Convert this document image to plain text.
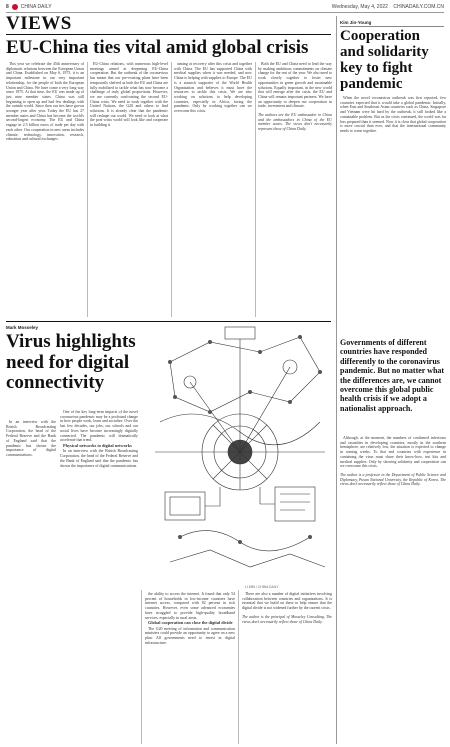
8 CHINA DAILY	Wednesday, May 4, 2022 CHINADAILY.COM.CN
VIEWS
EU-China ties vital amid global crisis

This year we celebrate the 45th anniversary of diplomatic relations between the European Union and China. Established on May 6, 1975, it is an important milestone in our very important relationship, for the people of both the European Union and China. We have come a very long way since 1975. At that time, the EU was made up of just nine member states. China was still beginning to open up and had few dealings with the outside world. Since then our ties have grown stronger year after year. Today the EU has 27 member states and China has become the world's second-largest economy. The EU and China engage in 2.5 billion euros of trade per day with each other. Our cooperation in new areas includes climate, technology, innovation, research, education and cultural exchanges.

EU-China relations, with numerous high-level meetings aimed at deepening EU-China cooperation. But the outbreak of the coronavirus has meant that our pre-existing plans have been temporarily shelved as both the EU and China are fully mobilised to tackle what has now become a challenge of truly global proportions. However, we are currently confronting the second EU-China crisis. We need to work together with the United Nations, the G20 and others to find solutions. It is already clear that the pandemic will reshape our world. We need to look at what the post-crisis world will look like and cooperate in building it.

aiming at recovery after this crisis and together with China. The EU has supported China with medical supplies when it was needed, and now China is helping with supplies to Europe. The EU is a staunch supporter of the World Health Organization and believes it must have the resources to tackle this crisis. We are also working on solutions to help developing countries, especially in Africa, facing the pandemic. Only by working together can we overcome this crisis.

Both the EU and China need to lead the way by making ambitious commitments on climate change for the rest of the year. We also need to work closely together to foster new opportunities in green growth and sustainable solutions. Equally important, in the new world that will emerge after the crisis, the EU and China will remain important partners. We have an opportunity to deepen our cooperation in trade, investment and climate.

The authors are the EU ambassador to China and the ambassadors in China of the EU member states. The views don't necessarily represent those of China Daily.

Kim Jin-Young
Cooperation and solidarity key to fight pandemic

When the novel coronavirus outbreak was first reported, few countries expected that it would take a global pandemic. Initially, when East and Southeast Asian countries such as China, Singapore and Vietnam were hit hard by the outbreak, it still looked like a containable problem. But as the crisis continued, the world was far less prepared than it seemed. Now it is clear that global cooperation is more crucial than ever, and that the international community needs to come together.

Governments of different countries have responded differently to the coronavirus pandemic. But no matter what the differences are, we cannot overcome this global public health crisis if we adopt a nationalist approach.

Although, at the moment, the numbers of confirmed infections and casualties in developing countries, mostly in the southern hemisphere, are relatively low, the situation is expected to change in coming weeks. To that end countries with experience in containing the virus must share their know-how, test kits and medical supplies. Only by showing solidarity and cooperation can we overcome this crisis.

The author is a professor in the Department of Public Science and Diplomacy, Pusan National University, the Republic of Korea. The views don't necessarily reflect those of China Daily.

Mark Mosseley
Virus highlights need for digital connectivity

One of the key long-term impacts of the novel coronavirus pandemic may be a profound change in how people work, learn and socialize. Over the last few decades, our jobs, our schools and our social lives have become increasingly digitally connected. The pandemic will dramatically accelerate that trend.

Physical networks to digital networks

In an interview with the British Broadcasting Corporation, the head of the Federal Reserve and the Bank of England said that the pandemic has shown the importance of digital communications.

In an interview with the British Broadcasting Corporation, the head of the Federal Reserve and the Bank of England said that the pandemic has shown the importance of digital communications.

the ability to access the internet. It found that only 54 percent of households in low-income countries have internet access, compared with 82 percent in rich countries. However, even some advanced economies have struggled to provide high-quality broadband services, especially in rural areas.

Global cooperation can close the digital divide

The G20 meeting of information and communication ministers could provide an opportunity to agree on a new plan. All governments need to invest in digital infrastructure.

There are also a number of digital initiatives involving collaboration between countries and organizations. It is essential that we build on these to help ensure that the digital divide is not widened further by the current crisis.

The author is the principal of Mosseley Consulting. The views don't necessarily reflect those of China Daily.

LI MIN / CHINA DAILY
